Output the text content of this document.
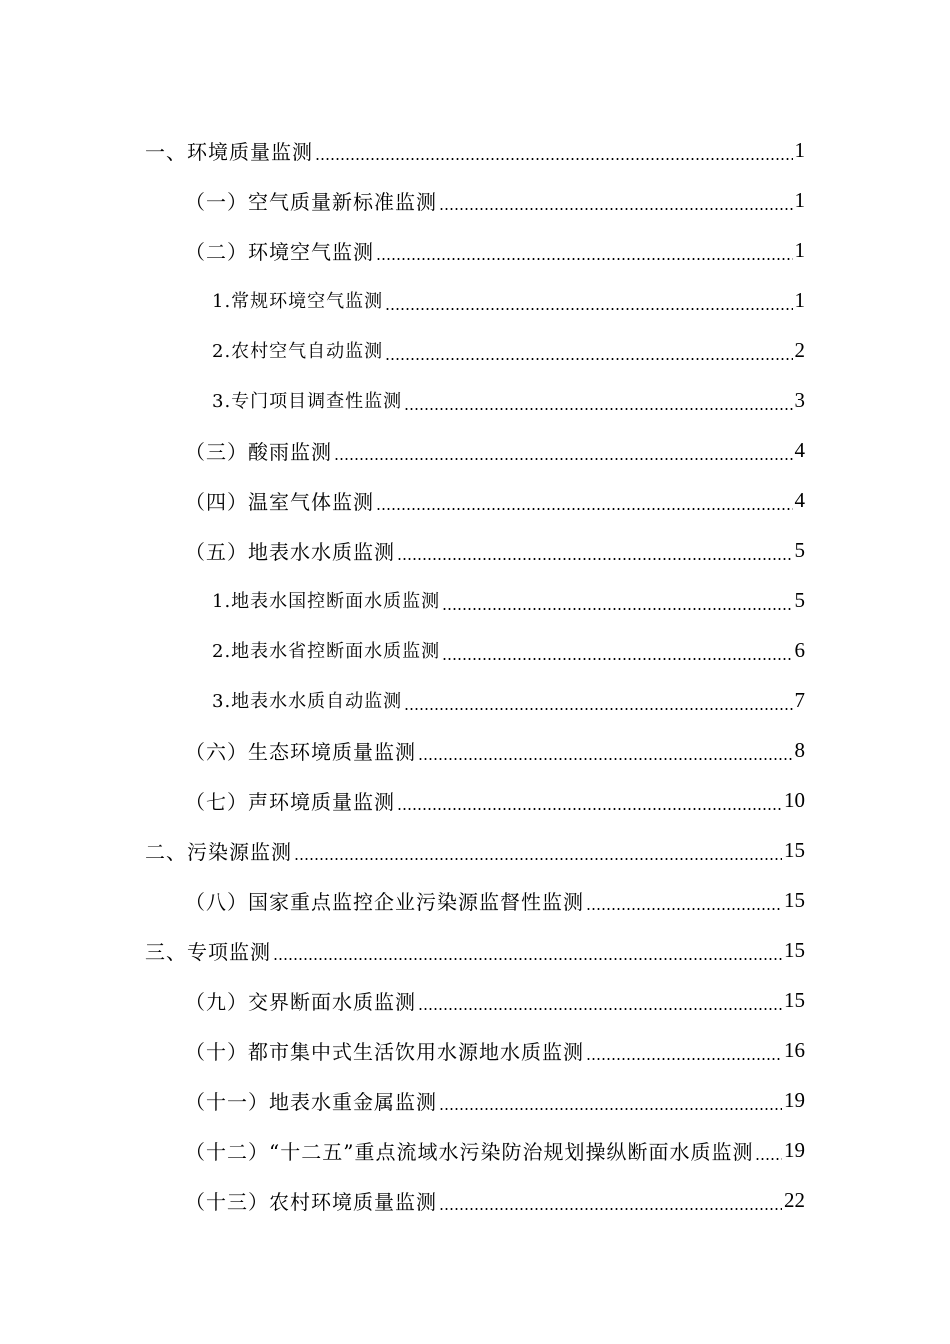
一、环境质量监测	1
（一）空气质量新标准监测	1
（二）环境空气监测	1
1.常规环境空气监测	1
2.农村空气自动监测	2
3.专门项目调查性监测	3
（三）酸雨监测	4
（四）温室气体监测	4
（五）地表水水质监测	5
1.地表水国控断面水质监测	5
2.地表水省控断面水质监测	6
3.地表水水质自动监测	7
（六）生态环境质量监测	8
（七）声环境质量监测	10
二、污染源监测	15
（八）国家重点监控企业污染源监督性监测	15
三、专项监测	15
（九）交界断面水质监测	15
（十）都市集中式生活饮用水源地水质监测	16
（十一）地表水重金属监测	19
（十二）“十二五”重点流域水污染防治规划操纵断面水质监测 19
（十三）农村环境质量监测	22
